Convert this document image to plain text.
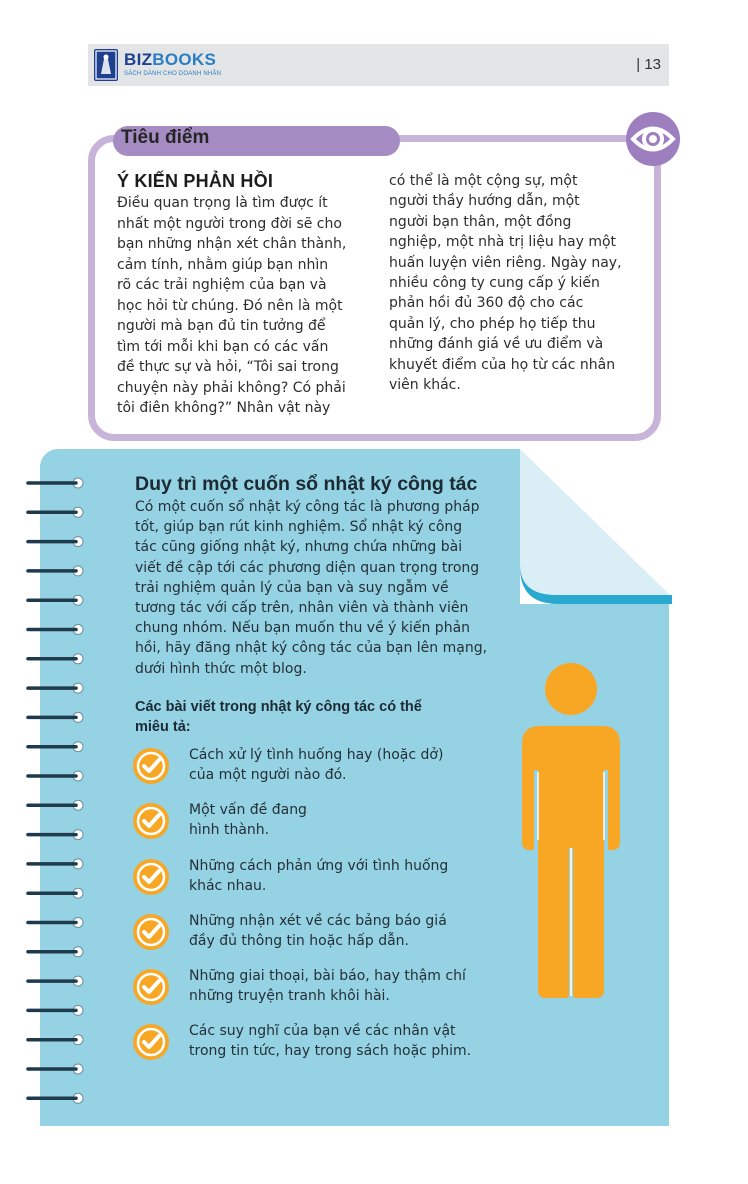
BIZBOOKS
SÁCH DÀNH CHO DOANH NHÂN
| 13
Tiêu điểm
Ý KIẾN PHẢN HỒI
Điều quan trọng là tìm được ít
nhất một người trong đời sẽ cho
bạn những nhận xét chân thành,
cảm tính, nhằm giúp bạn nhìn
rõ các trải nghiệm của bạn và
học hỏi từ chúng. Đó nên là một
người mà bạn đủ tin tưởng để
tìm tới mỗi khi bạn có các vấn
đề thực sự và hỏi, “Tôi sai trong
chuyện này phải không? Có phải
tôi điên không?” Nhân vật này
có thể là một cộng sự, một
người thầy hướng dẫn, một
người bạn thân, một đồng
nghiệp, một nhà trị liệu hay một
huấn luyện viên riêng. Ngày nay,
nhiều công ty cung cấp ý kiến
phản hồi đủ 360 độ cho các
quản lý, cho phép họ tiếp thu
những đánh giá về ưu điểm và
khuyết điểm của họ từ các nhân
viên khác.
Duy trì một cuốn sổ nhật ký công tác
Có một cuốn sổ nhật ký công tác là phương pháp
tốt, giúp bạn rút kinh nghiệm. Sổ nhật ký công
tác cũng giống nhật ký, nhưng chứa những bài
viết đề cập tới các phương diện quan trọng trong
trải nghiệm quản lý của bạn và suy ngẫm về
tương tác với cấp trên, nhân viên và thành viên
chung nhóm. Nếu bạn muốn thu về ý kiến phản
hồi, hãy đăng nhật ký công tác của bạn lên mạng,
dưới hình thức một blog.
Các bài viết trong nhật ký công tác có thể
miêu tả:
Cách xử lý tình huống hay (hoặc dở)
của một người nào đó.
Một vấn đề đang
hình thành.
Những cách phản ứng với tình huống
khác nhau.
Những nhận xét về các bảng báo giá
đầy đủ thông tin hoặc hấp dẫn.
Những giai thoại, bài báo, hay thậm chí
những truyện tranh khôi hài.
Các suy nghĩ của bạn về các nhân vật
trong tin tức, hay trong sách hoặc phim.
